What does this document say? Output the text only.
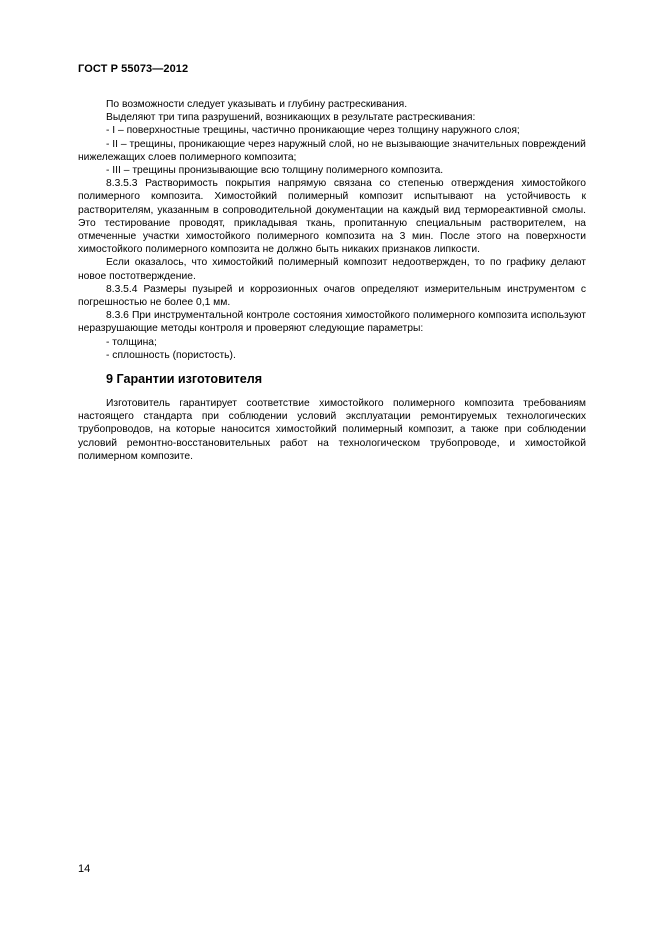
ГОСТ Р 55073—2012

По возможности следует указывать и глубину растрескивания.

Выделяют три типа разрушений, возникающих в результате растрескивания:

- I – поверхностные трещины, частично проникающие через толщину наружного слоя;

- II – трещины, проникающие через наружный слой, но не вызывающие значительных повреждений нижележащих слоев полимерного композита;

- III – трещины пронизывающие всю толщину полимерного композита.

8.3.5.3 Растворимость покрытия напрямую связана со степенью отверждения химостойкого полимерного композита. Химостойкий полимерный композит испытывают на устойчивость к растворителям, указанным в сопроводительной документации на каждый вид термореактивной смолы. Это тестирование проводят, прикладывая ткань, пропитанную специальным растворителем, на отмеченные участки химостойкого полимерного композита на 3 мин. После этого на поверхности химостойкого полимерного композита не должно быть никаких признаков липкости.

Если оказалось, что химостойкий полимерный композит недоотвержден, то по графику делают новое постотверждение.

8.3.5.4 Размеры пузырей и коррозионных очагов определяют измерительным инструментом с погрешностью не более 0,1 мм.

8.3.6 При инструментальной контроле состояния химостойкого полимерного композита используют неразрушающие методы контроля и проверяют следующие параметры:

- толщина;

- сплошность (пористость).

9 Гарантии изготовителя

Изготовитель гарантирует соответствие химостойкого полимерного композита требованиям настоящего стандарта при соблюдении условий эксплуатации ремонтируемых технологических трубопроводов, на которые наносится химостойкий полимерный композит, а также при соблюдении условий ремонтно-восстановительных работ на технологическом трубопроводе, и химостойкой полимерном композите.

14
